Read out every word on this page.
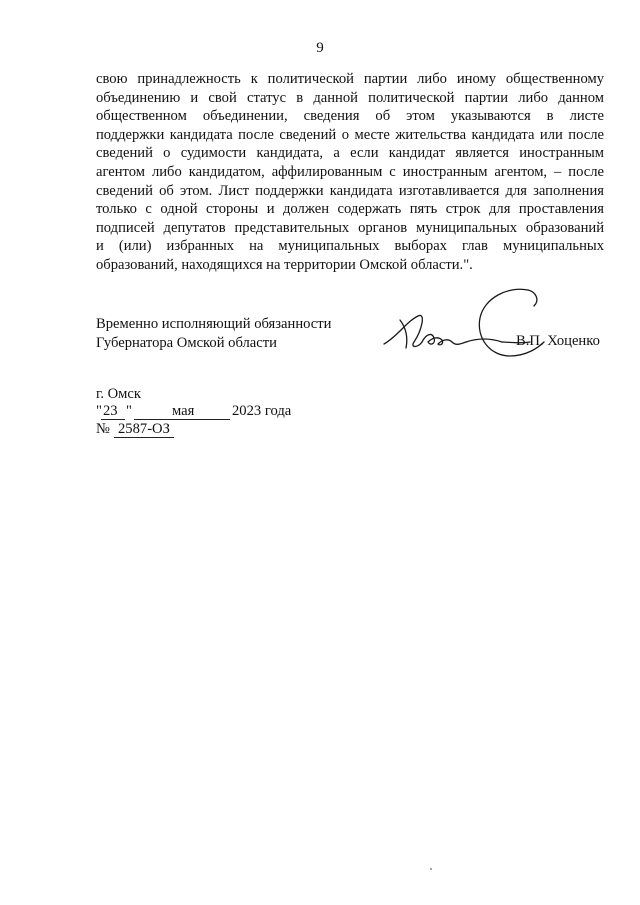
9
свою принадлежность к политической партии либо иному общественному
объединению и свой статус в данной политической партии либо данном
общественном объединении, сведения об этом указываются в листе
поддержки кандидата после сведений о месте жительства кандидата или после
сведений о судимости кандидата, а если кандидат является иностранным
агентом либо кандидатом, аффилированным с иностранным агентом, – после
сведений об этом. Лист поддержки кандидата изготавливается для заполнения
только с одной стороны и должен содержать пять строк для проставления
подписей депутатов представительных органов муниципальных образований
и (или) избранных на муниципальных выборах глав муниципальных
образований, находящихся на территории Омской области.".
Временно исполняющий обязанности
Губернатора Омской области	В.П. Хоценко
г. Омск
" 23 "	мая	2023 года
№ 2587-ОЗ
